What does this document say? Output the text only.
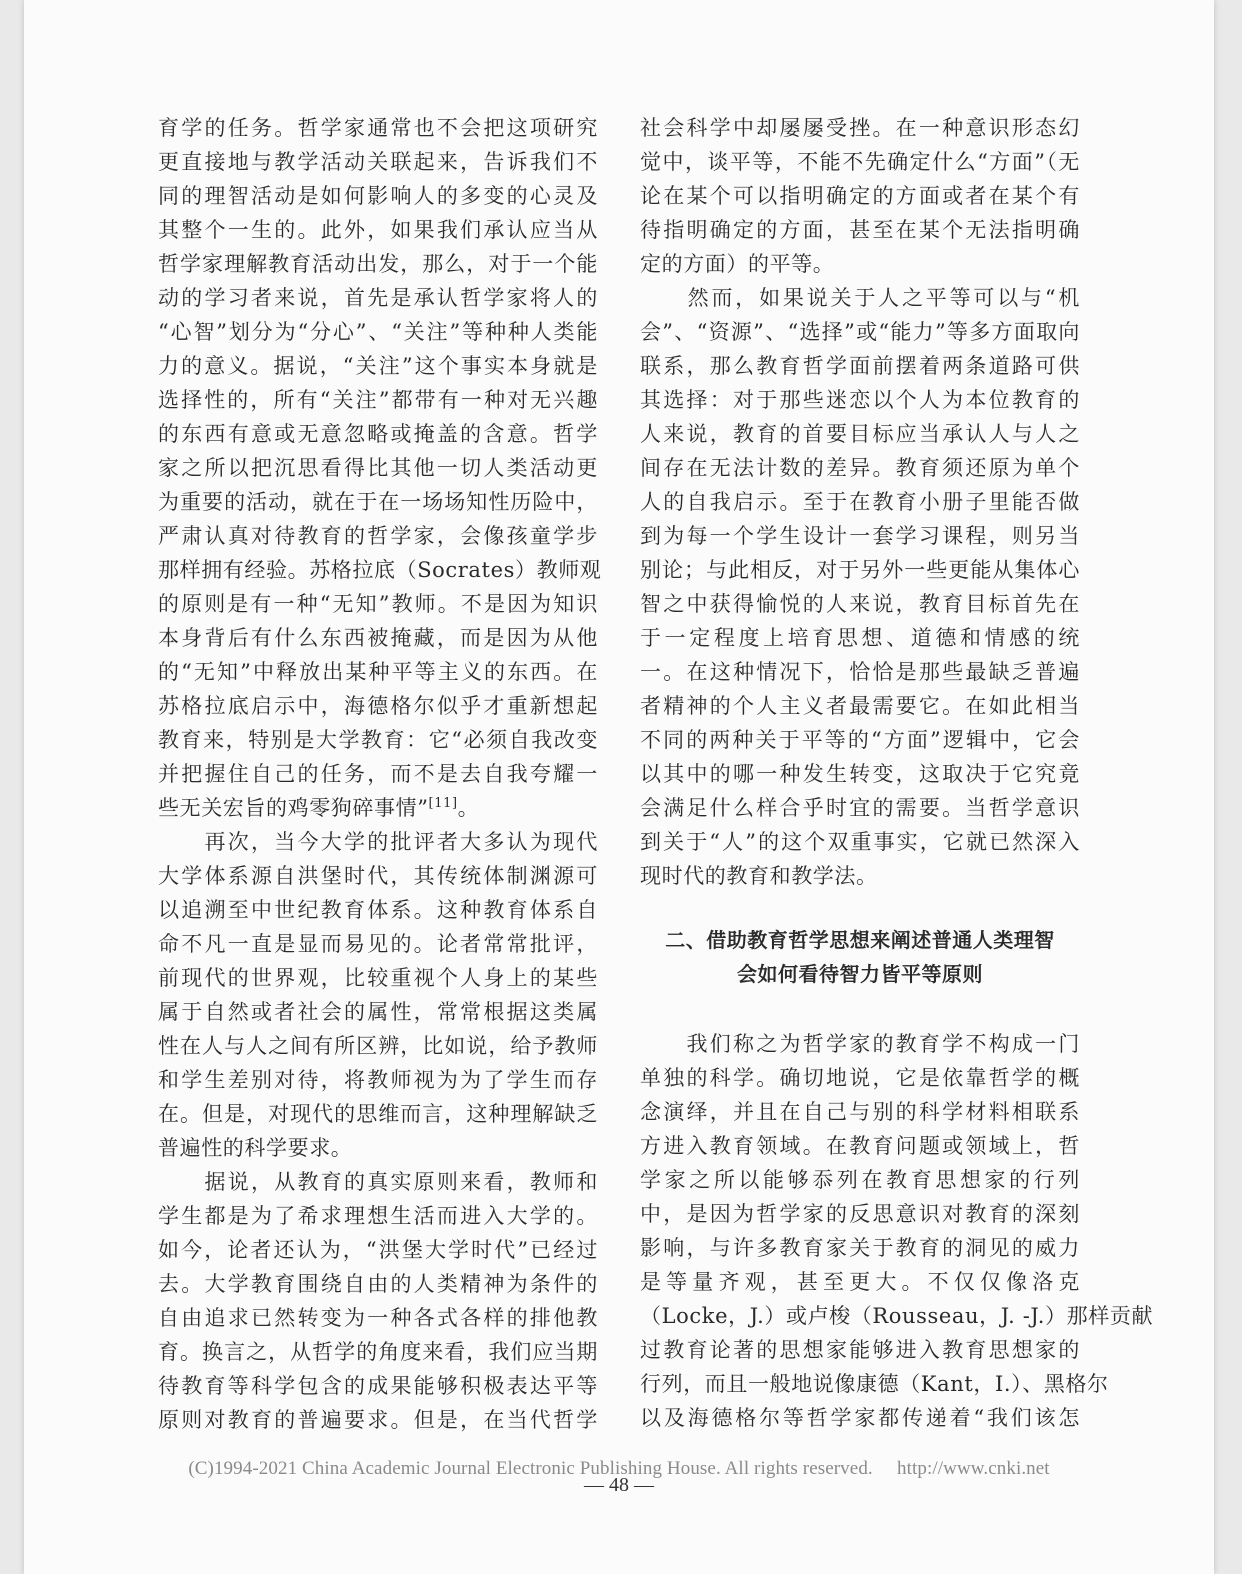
育学的任务。哲学家通常也不会把这项研究
更直接地与教学活动关联起来，告诉我们不
同的理智活动是如何影响人的多变的心灵及
其整个一生的。此外，如果我们承认应当从
哲学家理解教育活动出发，那么，对于一个能
动的学习者来说，首先是承认哲学家将人的
“心智”划分为“分心”、“关注”等种种人类能
力的意义。据说，“关注”这个事实本身就是
选择性的，所有“关注”都带有一种对无兴趣
的东西有意或无意忽略或掩盖的含意。哲学
家之所以把沉思看得比其他一切人类活动更
为重要的活动，就在于在一场场知性历险中，
严肃认真对待教育的哲学家，会像孩童学步
那样拥有经验。苏格拉底（Socrates）教师观
的原则是有一种“无知”教师。不是因为知识
本身背后有什么东西被掩藏，而是因为从他
的“无知”中释放出某种平等主义的东西。在
苏格拉底启示中，海德格尔似乎才重新想起
教育来，特别是大学教育：它“必须自我改变
并把握住自己的任务，而不是去自我夸耀一
些无关宏旨的鸡零狗碎事情”[11]。
　　再次，当今大学的批评者大多认为现代
大学体系源自洪堡时代，其传统体制渊源可
以追溯至中世纪教育体系。这种教育体系自
命不凡一直是显而易见的。论者常常批评，
前现代的世界观，比较重视个人身上的某些
属于自然或者社会的属性，常常根据这类属
性在人与人之间有所区辨，比如说，给予教师
和学生差别对待，将教师视为为了学生而存
在。但是，对现代的思维而言，这种理解缺乏
普遍性的科学要求。
　　据说，从教育的真实原则来看，教师和
学生都是为了希求理想生活而进入大学的。
如今，论者还认为，“洪堡大学时代”已经过
去。大学教育围绕自由的人类精神为条件的
自由追求已然转变为一种各式各样的排他教
育。换言之，从哲学的角度来看，我们应当期
待教育等科学包含的成果能够积极表达平等
原则对教育的普遍要求。但是，在当代哲学
社会科学中却屡屡受挫。在一种意识形态幻
觉中，谈平等，不能不先确定什么“方面”（无
论在某个可以指明确定的方面或者在某个有
待指明确定的方面，甚至在某个无法指明确
定的方面）的平等。
　　然而，如果说关于人之平等可以与“机
会”、“资源”、“选择”或“能力”等多方面取向
联系，那么教育哲学面前摆着两条道路可供
其选择：对于那些迷恋以个人为本位教育的
人来说，教育的首要目标应当承认人与人之
间存在无法计数的差异。教育须还原为单个
人的自我启示。至于在教育小册子里能否做
到为每一个学生设计一套学习课程，则另当
别论；与此相反，对于另外一些更能从集体心
智之中获得愉悦的人来说，教育目标首先在
于一定程度上培育思想、道德和情感的统
一。在这种情况下，恰恰是那些最缺乏普遍
者精神的个人主义者最需要它。在如此相当
不同的两种关于平等的“方面”逻辑中，它会
以其中的哪一种发生转变，这取决于它究竟
会满足什么样合乎时宜的需要。当哲学意识
到关于“人”的这个双重事实，它就已然深入
现时代的教育和教学法。
二、借助教育哲学思想来阐述普通人类理智
会如何看待智力皆平等原则
　　我们称之为哲学家的教育学不构成一门
单独的科学。确切地说，它是依靠哲学的概
念演绎，并且在自己与别的科学材料相联系
方进入教育领域。在教育问题或领域上，哲
学家之所以能够忝列在教育思想家的行列
中，是因为哲学家的反思意识对教育的深刻
影响，与许多教育家关于教育的洞见的威力
是等量齐观，甚至更大。不仅仅像洛克
（Locke，J.）或卢梭（Rousseau，J. -J.）那样贡献
过教育论著的思想家能够进入教育思想家的
行列，而且一般地说像康德（Kant，I.）、黑格尔
以及海德格尔等哲学家都传递着“我们该怎
(C)1994-2021 China Academic Journal Electronic Publishing House. All rights reserved. http://www.cnki.net
— 48 —
